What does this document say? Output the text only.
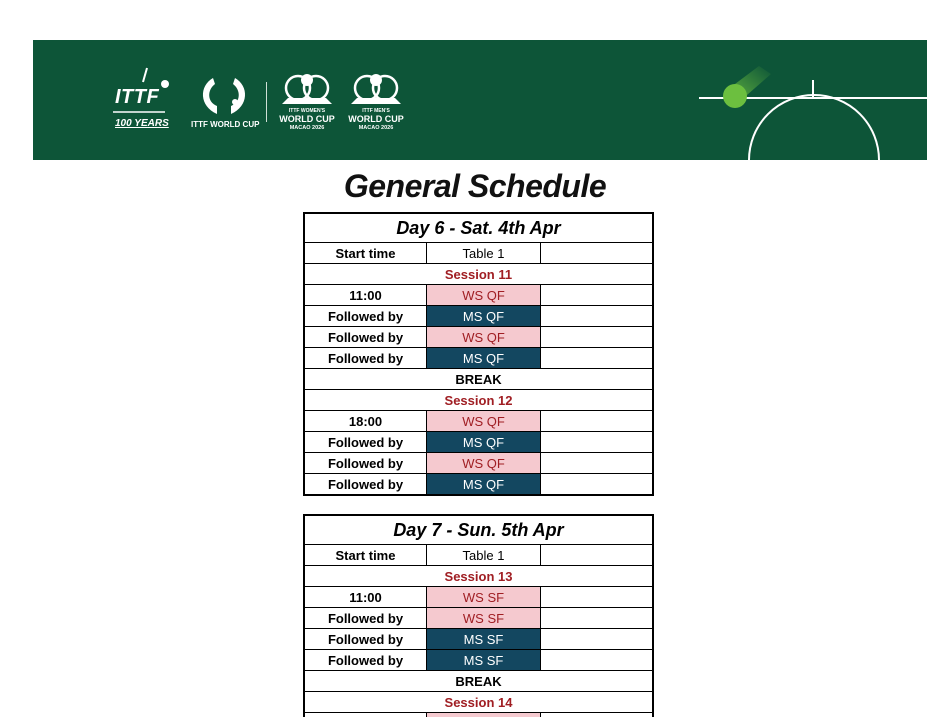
ITTF
100 YEARS	ITTF WORLD CUP
ITTF WOMEN'S
WORLD CUP
MACAO 2026
ITTF MEN'S
WORLD CUP
MACAO 2026
General Schedule
Day 6 - Sat. 4th Apr
Start time	Table 1
Session 11
11:00	WS QF
Followed by	MS QF
Followed by	WS QF
Followed by	MS QF
BREAK
Session 12
18:00	WS QF
Followed by	MS QF
Followed by	WS QF
Followed by	MS QF
Day 7 - Sun. 5th Apr
Start time	Table 1
Session 13
11:00	WS SF
Followed by	WS SF
Followed by	MS SF
Followed by	MS SF
BREAK
Session 14
